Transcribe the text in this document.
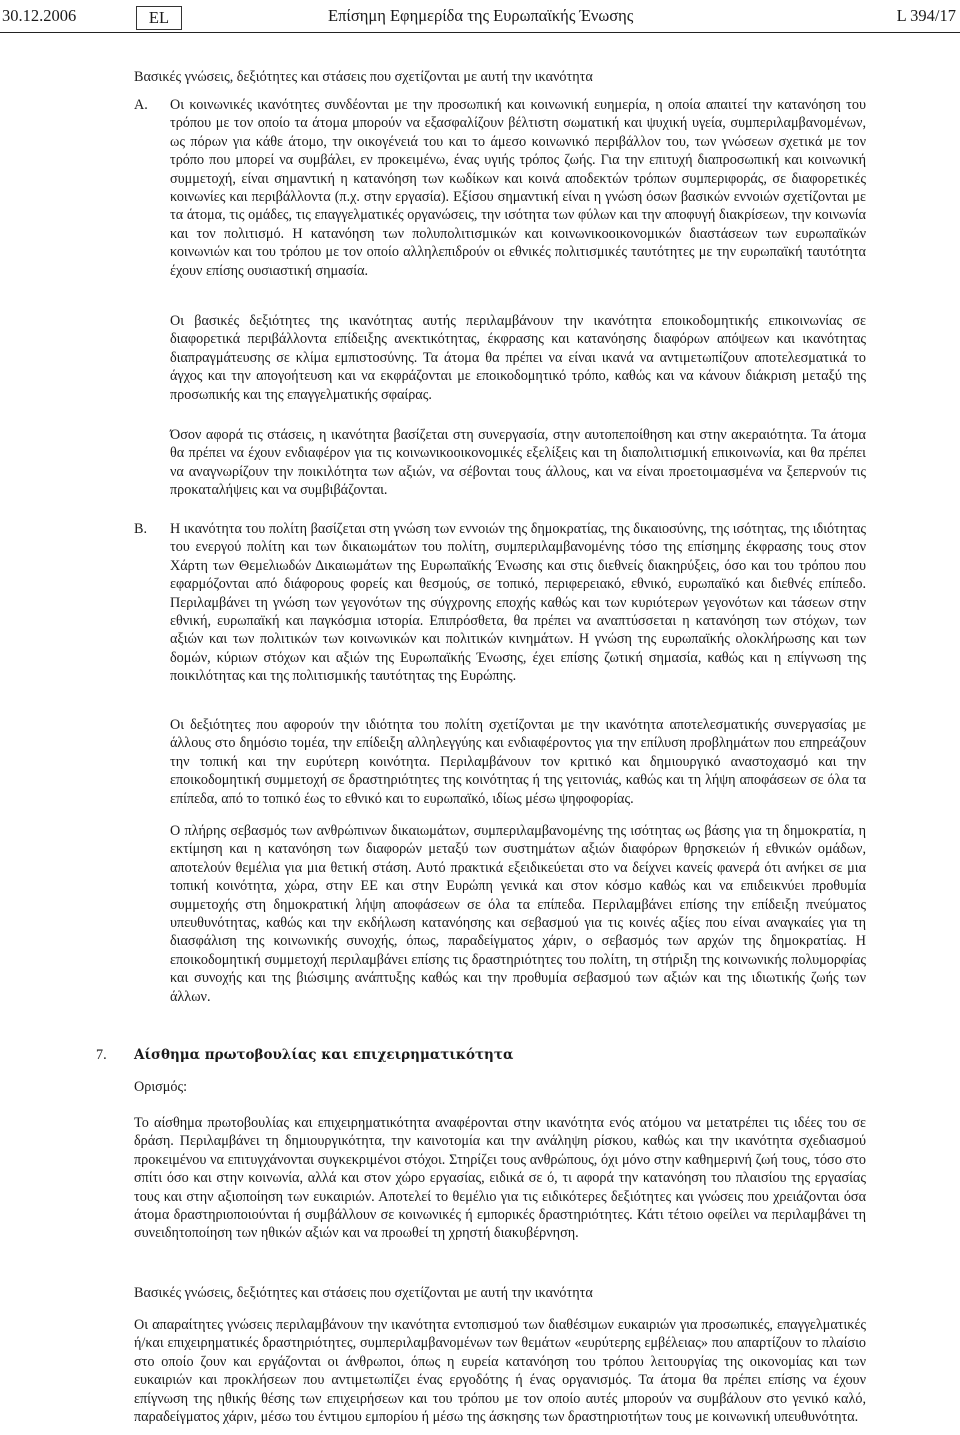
30.12.2006	EL	Επίσημη Εφημερίδα της Ευρωπαϊκής Ένωσης	L 394/17
Βασικές γνώσεις, δεξιότητες και στάσεις που σχετίζονται με αυτή την ικανότητα
Α. Οι κοινωνικές ικανότητες συνδέονται με την προσωπική και κοινωνική ευημερία, η οποία απαιτεί την κατανόηση του τρόπου με τον οποίο τα άτομα μπορούν να εξασφαλίζουν βέλτιστη σωματική και ψυχική υγεία, συμπεριλαμβανομένων, ως πόρων για κάθε άτομο, την οικογένειά του και το άμεσο κοινωνικό περιβάλλον του, των γνώσεων σχετικά με τον τρόπο που μπορεί να συμβάλει, εν προκειμένω, ένας υγιής τρόπος ζωής. Για την επιτυχή διαπροσωπική και κοινωνική συμμετοχή, είναι σημαντική η κατανόηση των κωδίκων και κοινά αποδεκτών τρόπων συμπεριφοράς, σε διαφορετικές κοινωνίες και περιβάλλοντα (π.χ. στην εργασία). Εξίσου σημαντική είναι η γνώση όσων βασικών εννοιών σχετίζονται με τα άτομα, τις ομάδες, τις επαγγελματικές οργανώσεις, την ισότητα των φύλων και την αποφυγή διακρίσεων, την κοινωνία και τον πολιτισμό. Η κατανόηση των πολυπολιτισμικών και κοινωνικοοικονομικών διαστάσεων των ευρωπαϊκών κοινωνιών και του τρόπου με τον οποίο αλληλεπιδρούν οι εθνικές πολιτισμικές ταυτότητες με την ευρωπαϊκή ταυτότητα έχουν επίσης ουσιαστική σημασία.

Οι βασικές δεξιότητες της ικανότητας αυτής περιλαμβάνουν την ικανότητα εποικοδομητικής επικοινωνίας σε διαφορετικά περιβάλλοντα επίδειξης ανεκτικότητας, έκφρασης και κατανόησης διαφόρων απόψεων και ικανότητας διαπραγμάτευσης σε κλίμα εμπιστοσύνης. Τα άτομα θα πρέπει να είναι ικανά να αντιμετωπίζουν αποτελεσματικά το άγχος και την απογοήτευση και να εκφράζονται με εποικοδομητικό τρόπο, καθώς και να κάνουν διάκριση μεταξύ της προσωπικής και της επαγγελματικής σφαίρας.

Όσον αφορά τις στάσεις, η ικανότητα βασίζεται στη συνεργασία, στην αυτοπεποίθηση και στην ακεραιότητα. Τα άτομα θα πρέπει να έχουν ενδιαφέρον για τις κοινωνικοοικονομικές εξελίξεις και τη διαπολιτισμική επικοινωνία, και θα πρέπει να αναγνωρίζουν την ποικιλότητα των αξιών, να σέβονται τους άλλους, και να είναι προετοιμασμένα να ξεπερνούν τις προκαταλήψεις και να συμβιβάζονται.

Β. Η ικανότητα του πολίτη βασίζεται στη γνώση των εννοιών της δημοκρατίας, της δικαιοσύνης, της ισότητας, της ιδιότητας του ενεργού πολίτη και των δικαιωμάτων του πολίτη, συμπεριλαμβανομένης τόσο της επίσημης έκφρασης τους στον Χάρτη των Θεμελιωδών Δικαιωμάτων της Ευρωπαϊκής Ένωσης και στις διεθνείς διακηρύξεις, όσο και του τρόπου που εφαρμόζονται από διάφορους φορείς και θεσμούς, σε τοπικό, περιφερειακό, εθνικό, ευρωπαϊκό και διεθνές επίπεδο. Περιλαμβάνει τη γνώση των γεγονότων της σύγχρονης εποχής καθώς και των κυριότερων γεγονότων και τάσεων στην εθνική, ευρωπαϊκή και παγκόσμια ιστορία. Επιπρόσθετα, θα πρέπει να αναπτύσσεται η κατανόηση των στόχων, των αξιών και των πολιτικών των κοινωνικών και πολιτικών κινημάτων. Η γνώση της ευρωπαϊκής ολοκλήρωσης και των δομών, κύριων στόχων και αξιών της Ευρωπαϊκής Ένωσης, έχει επίσης ζωτική σημασία, καθώς και η επίγνωση της ποικιλότητας και της πολιτισμικής ταυτότητας της Ευρώπης.

Οι δεξιότητες που αφορούν την ιδιότητα του πολίτη σχετίζονται με την ικανότητα αποτελεσματικής συνεργασίας με άλλους στο δημόσιο τομέα, την επίδειξη αλληλεγγύης και ενδιαφέροντος για την επίλυση προβλημάτων που επηρεάζουν την τοπική και την ευρύτερη κοινότητα. Περιλαμβάνουν τον κριτικό και δημιουργικό αναστοχασμό και την εποικοδομητική συμμετοχή σε δραστηριότητες της κοινότητας ή της γειτονιάς, καθώς και τη λήψη αποφάσεων σε όλα τα επίπεδα, από το τοπικό έως το εθνικό και το ευρωπαϊκό, ιδίως μέσω ψηφοφορίας.

Ο πλήρης σεβασμός των ανθρώπινων δικαιωμάτων, συμπεριλαμβανομένης της ισότητας ως βάσης για τη δημοκρατία, η εκτίμηση και η κατανόηση των διαφορών μεταξύ των συστημάτων αξιών διαφόρων θρησκειών ή εθνικών ομάδων, αποτελούν θεμέλια για μια θετική στάση. Αυτό πρακτικά εξειδικεύεται στο να δείχνει κανείς φανερά ότι ανήκει σε μια τοπική κοινότητα, χώρα, στην ΕΕ και στην Ευρώπη γενικά και στον κόσμο καθώς και να επιδεικνύει προθυμία συμμετοχής στη δημοκρατική λήψη αποφάσεων σε όλα τα επίπεδα. Περιλαμβάνει επίσης την επίδειξη πνεύματος υπευθυνότητας, καθώς και την εκδήλωση κατανόησης και σεβασμού για τις κοινές αξίες που είναι αναγκαίες για τη διασφάλιση της κοινωνικής συνοχής, όπως, παραδείγματος χάριν, ο σεβασμός των αρχών της δημοκρατίας. Η εποικοδομητική συμμετοχή περιλαμβάνει επίσης τις δραστηριότητες του πολίτη, τη στήριξη της κοινωνικής πολυμορφίας και συνοχής και της βιώσιμης ανάπτυξης καθώς και την προθυμία σεβασμού των αξιών και της ιδιωτικής ζωής των άλλων.

7. Αίσθημα πρωτοβουλίας και επιχειρηματικότητα
Ορισμός:

Το αίσθημα πρωτοβουλίας και επιχειρηματικότητα αναφέρονται στην ικανότητα ενός ατόμου να μετατρέπει τις ιδέες του σε δράση. Περιλαμβάνει τη δημιουργικότητα, την καινοτομία και την ανάληψη ρίσκου, καθώς και την ικανότητα σχεδιασμού προκειμένου να επιτυγχάνονται συγκεκριμένοι στόχοι. Στηρίζει τους ανθρώπους, όχι μόνο στην καθημερινή ζωή τους, τόσο στο σπίτι όσο και στην κοινωνία, αλλά και στον χώρο εργασίας, ειδικά σε ό, τι αφορά την κατανόηση του πλαισίου της εργασίας τους και στην αξιοποίηση των ευκαιριών. Αποτελεί το θεμέλιο για τις ειδικότερες δεξιότητες και γνώσεις που χρειάζονται όσα άτομα δραστηριοποιούνται ή συμβάλλουν σε κοινωνικές ή εμπορικές δραστηριότητες. Κάτι τέτοιο οφείλει να περιλαμβάνει τη συνειδητοποίηση των ηθικών αξιών και να προωθεί τη χρηστή διακυβέρνηση.

Βασικές γνώσεις, δεξιότητες και στάσεις που σχετίζονται με αυτή την ικανότητα

Οι απαραίτητες γνώσεις περιλαμβάνουν την ικανότητα εντοπισμού των διαθέσιμων ευκαιριών για προσωπικές, επαγγελματικές ή/και επιχειρηματικές δραστηριότητες, συμπεριλαμβανομένων των θεμάτων «ευρύτερης εμβέλειας» που απαρτίζουν το πλαίσιο στο οποίο ζουν και εργάζονται οι άνθρωποι, όπως η ευρεία κατανόηση του τρόπου λειτουργίας της οικονομίας και των ευκαιριών και προκλήσεων που αντιμετωπίζει ένας εργοδότης ή ένας οργανισμός. Τα άτομα θα πρέπει επίσης να έχουν επίγνωση της ηθικής θέσης των επιχειρήσεων και του τρόπου με τον οποίο αυτές μπορούν να συμβάλουν στο γενικό καλό, παραδείγματος χάριν, μέσω του έντιμου εμπορίου ή μέσω της άσκησης των δραστηριοτήτων τους με κοινωνική υπευθυνότητα.
